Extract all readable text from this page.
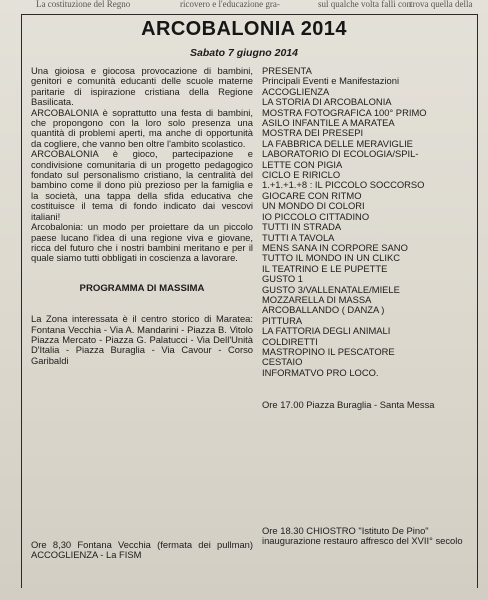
La costituzione del Regno	ricovero e l'educazione gra-	sul qualche volta falli con trova quella della
ARCOBALONIA 2014
Sabato 7 giugno 2014

Una gioiosa e giocosa provocazione di bambini, genitori e comunità educanti delle scuole materne paritarie di ispirazione cristiana della Regione Basilicata.

ARCOBALONIA è soprattutto una festa di bambini, che propongono con la loro solo presenza una quantità di problemi aperti, ma anche di opportunità da cogliere, che vanno ben oltre l'ambito scolastico.

ARCOBALONIA è gioco, partecipazione e condivisione comunitaria di un progetto pedagogico fondato sul personalismo cristiano, la centralità del bambino come il dono più prezioso per la famiglia e la società, una tappa della sfida educativa che costituisce il tema di fondo indicato dai vescovi italiani!

Arcobalonia: un modo per proiettare da un piccolo paese lucano l'idea di una regione viva e giovane, ricca del futuro che i nostri bambini meritano e per il quale siamo tutti obbligati in coscienza a lavorare.

PROGRAMMA DI MASSIMA

La Zona interessata è il centro storico di Maratea: Fontana Vecchia - Via A. Mandarini - Piazza B. Vitolo Piazza Mercato - Piazza G. Palatucci - Via Dell'Unità D'Italia - Piazza Buraglia - Via Cavour - Corso Garibaldi

Ore 8,30 Fontana Vecchia (fermata dei pullman) ACCOGLIENZA - La FISM
PRESENTA
Principali Eventi e Manifestazioni
ACCOGLIENZA
LA STORIA DI ARCOBALONIA
MOSTRA FOTOGRAFICA 100° PRIMO
ASILO INFANTILE A MARATEA
MOSTRA DEI PRESEPI
LA FABBRICA DELLE MERAVIGLIE
LABORATORIO DI ECOLOGIA/SPIL-
LETTE CON PIGIA
CICLO E RIRICLO
1.+1.+1.+8 : IL PICCOLO SOCCORSO
GIOCARE CON RITMO
UN MONDO DI COLORI
IO PICCOLO CITTADINO
TUTTI IN STRADA
TUTTI A TAVOLA
MENS SANA IN CORPORE SANO
TUTTO IL MONDO IN UN CLIKC
IL TEATRINO E LE PUPETTE
GUSTO 1
GUSTO 3/VALLENATALE/MIELE
MOZZARELLA DI MASSA
ARCOBALLANDO ( DANZA )
PITTURA
LA FATTORIA DEGLI ANIMALI
COLDIRETTI
MASTROPINO IL PESCATORE
CESTAIO
INFORMATVO PRO LOCO.
Ore 17.00 Piazza Buraglia - Santa Messa
Ore 18.30 CHIOSTRO "Istituto De Pino" inaugurazione restauro affresco del XVII° secolo
